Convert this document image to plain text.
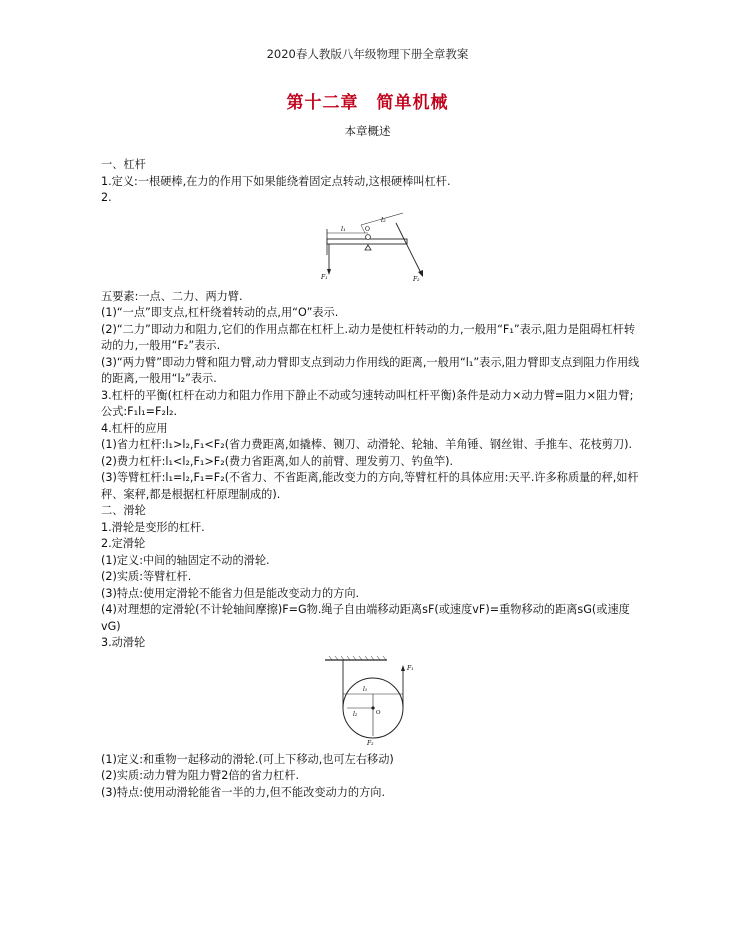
2020春人教版八年级物理下册全章教案
第十二章　简单机械
本章概述
一、杠杆
1.定义:一根硬棒,在力的作用下如果能绕着固定点转动,这根硬棒叫杠杆.
2.
l₁
l₂
O
F₁	F₂
五要素:一点、二力、两力臂.
(1)“一点”即支点,杠杆绕着转动的点,用“O”表示.
(2)“二力”即动力和阻力,它们的作用点都在杠杆上.动力是使杠杆转动的力,一般用“F₁”表示,阻力是阻碍杠杆转动的力,一般用“F₂”表示.
(3)“两力臂”即动力臂和阻力臂,动力臂即支点到动力作用线的距离,一般用“l₁”表示,阻力臂即支点到阻力作用线的距离,一般用“l₂”表示.
3.杠杆的平衡(杠杆在动力和阻力作用下静止不动或匀速转动叫杠杆平衡)条件是动力×动力臂=阻力×阻力臂;公式:F₁l₁=F₂l₂.
4.杠杆的应用
(1)省力杠杆:l₁>l₂,F₁<F₂(省力费距离,如撬棒、铡刀、动滑轮、轮轴、羊角锤、钢丝钳、手推车、花枝剪刀).
(2)费力杠杆:l₁<l₂,F₁>F₂(费力省距离,如人的前臂、理发剪刀、钓鱼竿).
(3)等臂杠杆:l₁=l₂,F₁=F₂(不省力、不省距离,能改变力的方向,等臂杠杆的具体应用:天平.许多称质量的秤,如杆秤、案秤,都是根据杠杆原理制成的).
二、滑轮
1.滑轮是变形的杠杆.
2.定滑轮
(1)定义:中间的轴固定不动的滑轮.
(2)实质:等臂杠杆.
(3)特点:使用定滑轮不能省力但是能改变动力的方向.
(4)对理想的定滑轮(不计轮轴间摩擦)F=G物.绳子自由端移动距离sF(或速度vF)=重物移动的距离sG(或速度vG)
3.动滑轮
l₁
l₂	O
F₁
F₂
(1)定义:和重物一起移动的滑轮.(可上下移动,也可左右移动)
(2)实质:动力臂为阻力臂2倍的省力杠杆.
(3)特点:使用动滑轮能省一半的力,但不能改变动力的方向.
